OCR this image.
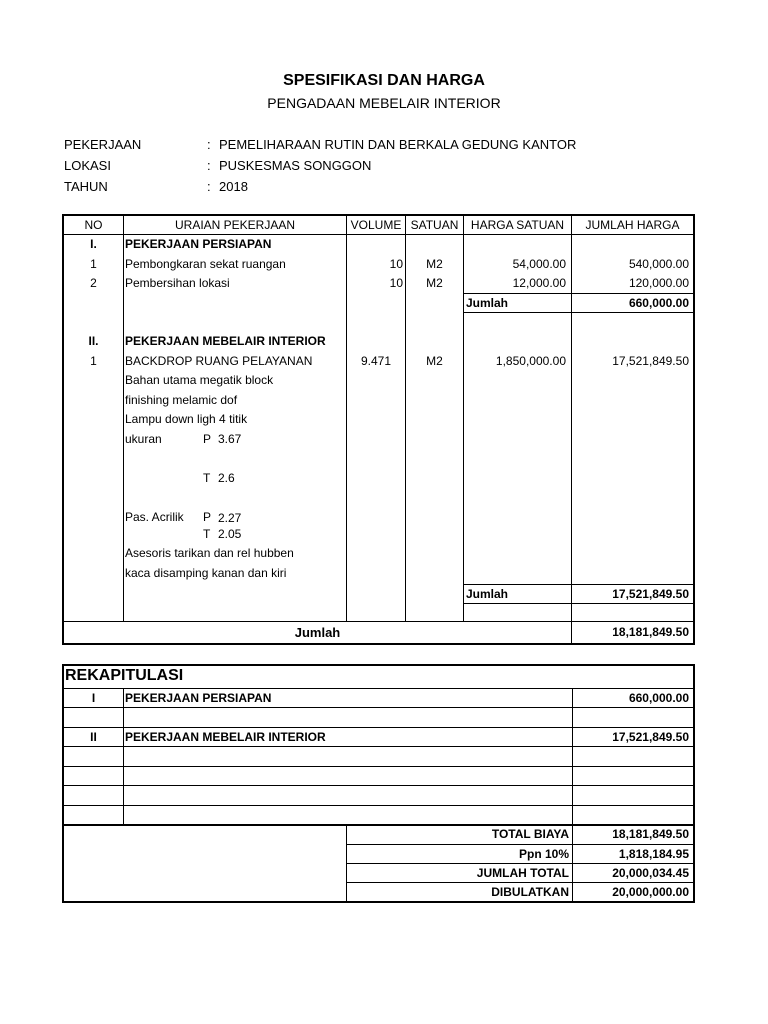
SPESIFIKASI DAN HARGA
PENGADAAN MEBELAIR INTERIOR
PEKERJAAN	: PEMELIHARAAN RUTIN DAN BERKALA GEDUNG KANTOR
LOKASI	: PUSKESMAS SONGGON
TAHUN	: 2018
NO	URAIAN PEKERJAAN	VOLUME SATUAN	HARGA SATUAN	JUMLAH HARGA
I.	PEKERJAAN PERSIAPAN
1	Pembongkaran sekat ruangan	10	M2	54,000.00	540,000.00
2	Pembersihan lokasi	10	M2	12,000.00	120,000.00
Jumlah	660,000.00
II.	PEKERJAAN MEBELAIR INTERIOR
1	BACKDROP RUANG PELAYANAN	9.471	M2	1,850,000.00	17,521,849.50
Bahan utama megatik block
finishing melamic dof
Lampu down ligh 4 titik
ukuran	P 3.67
T 2.6
Pas. Acrilik P 2.27
T 2.05
Asesoris tarikan dan rel hubben
kaca disamping kanan dan kiri
Jumlah	17,521,849.50
Jumlah	18,181,849.50
REKAPITULASI
I	PEKERJAAN PERSIAPAN	660,000.00
II	PEKERJAAN MEBELAIR INTERIOR	17,521,849.50
TOTAL BIAYA	18,181,849.50
Ppn 10%	1,818,184.95
JUMLAH TOTAL	20,000,034.45
DIBULATKAN	20,000,000.00
